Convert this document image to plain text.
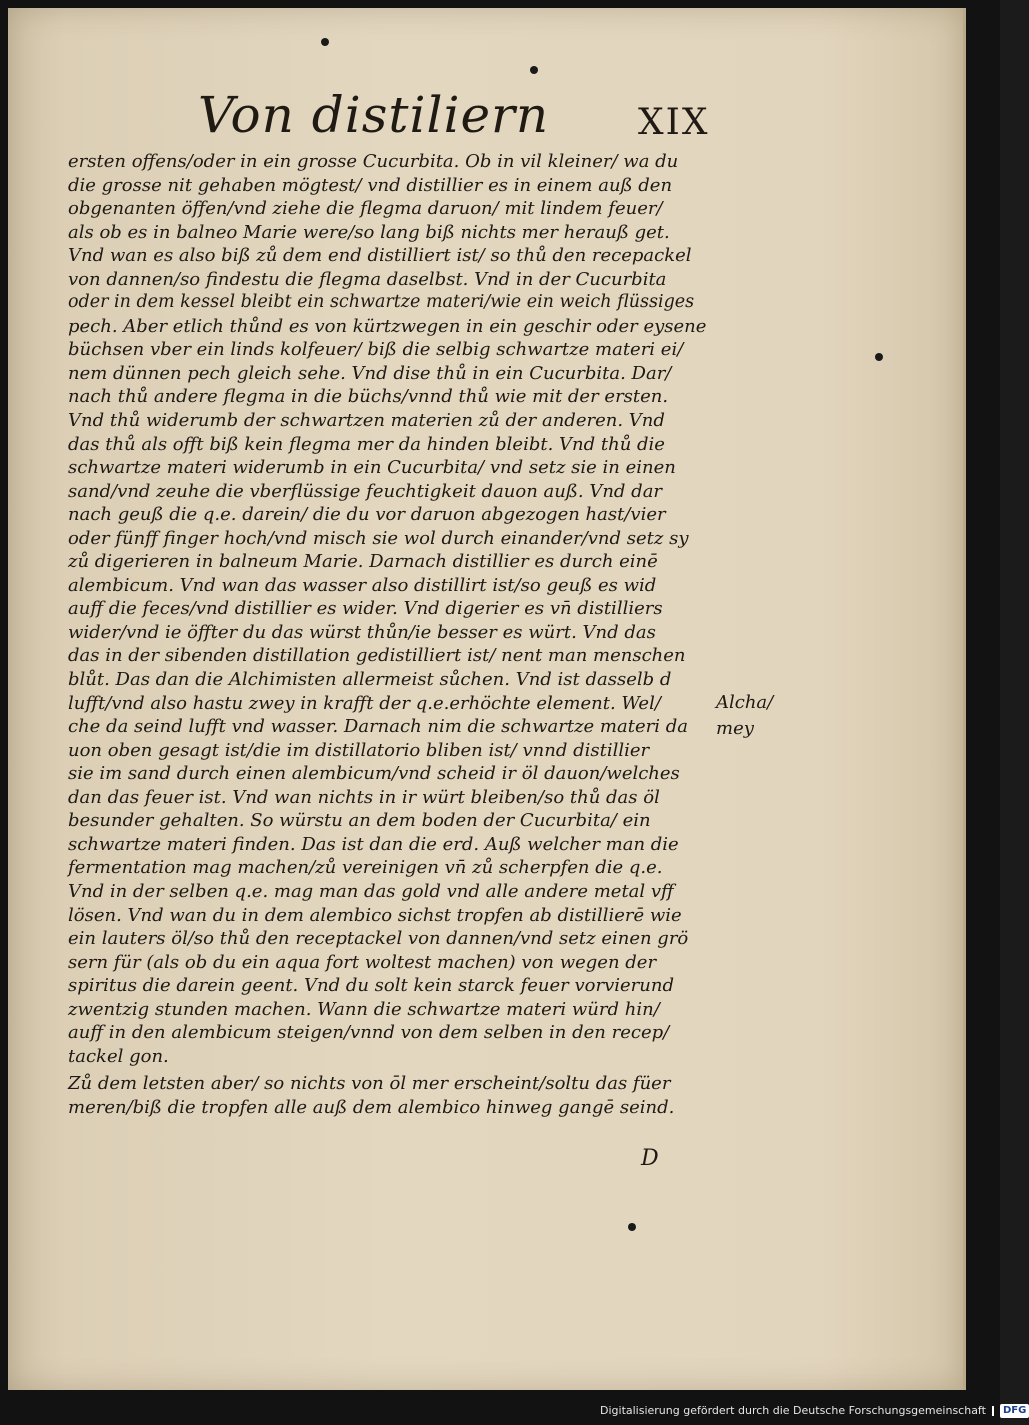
Von distiliern XIX
Alcha/
mey
D
ersten offens/oder in ein grosse Cucurbita. Ob in vil kleiner/ wa du
die grosse nit gehaben mögtest/ vnd distillier es in einem auß den
obgenanten öffen/vnd ziehe die flegma daruon/ mit lindem feuer/
als ob es in balneo Marie were/so lang biß nichts mer herauß get.
Vnd wan es also biß zů dem end distilliert ist/ so thů den recepackel
von dannen/so findestu die flegma daselbst. Vnd in der Cucurbita
oder in dem kessel bleibt ein schwartze materi/wie ein weich flüssiges
pech. Aber etlich thůnd es von kürtzwegen in ein geschir oder eysene
büchsen vber ein linds kolfeuer/ biß die selbig schwartze materi ei/
nem dünnen pech gleich sehe. Vnd dise thů in ein Cucurbita. Dar/
nach thů andere flegma in die büchs/vnnd thů wie mit der ersten.
Vnd thů widerumb der schwartzen materien zů der anderen. Vnd
das thů als offt biß kein flegma mer da hinden bleibt. Vnd thů die
schwartze materi widerumb in ein Cucurbita/ vnd setz sie in einen
sand/vnd zeuhe die vberflüssige feuchtigkeit dauon auß. Vnd dar
nach geuß die q.e. darein/ die du vor daruon abgezogen hast/vier
oder fünff finger hoch/vnd misch sie wol durch einander/vnd setz sy
zů digerieren in balneum Marie. Darnach distillier es durch einē
alembicum. Vnd wan das wasser also distillirt ist/so geuß es wid
auff die feces/vnd distillier es wider. Vnd digerier es vn̄ distilliers
wider/vnd ie öffter du das würst thůn/ie besser es würt. Vnd das
das in der sibenden distillation gedistilliert ist/ nent man menschen
blůt. Das dan die Alchimisten allermeist sůchen. Vnd ist dasselb d
lufft/vnd also hastu zwey in krafft der q.e.erhöchte element. Wel/
che da seind lufft vnd wasser. Darnach nim die schwartze materi da
uon oben gesagt ist/die im distillatorio bliben ist/ vnnd distillier
sie im sand durch einen alembicum/vnd scheid ir öl dauon/welches
dan das feuer ist. Vnd wan nichts in ir würt bleiben/so thů das öl
besunder gehalten. So würstu an dem boden der Cucurbita/ ein
schwartze materi finden. Das ist dan die erd. Auß welcher man die
fermentation mag machen/zů vereinigen vn̄ zů scherpfen die q.e.
Vnd in der selben q.e. mag man das gold vnd alle andere metal vff
lösen. Vnd wan du in dem alembico sichst tropfen ab distillierē wie
ein lauters öl/so thů den receptackel von dannen/vnd setz einen grö
sern für (als ob du ein aqua fort woltest machen) von wegen der
spiritus die darein geent. Vnd du solt kein starck feuer vorvierund
zwentzig stunden machen. Wann die schwartze materi würd hin/
auff in den alembicum steigen/vnnd von dem selben in den recep/
tackel gon.
Zů dem letsten aber/ so nichts von ōl mer erscheint/soltu das füer
meren/biß die tropfen alle auß dem alembico hinweg gangē seind.
Digitalisierung gefördert durch die Deutsche Forschungsgemeinschaft	DFG
